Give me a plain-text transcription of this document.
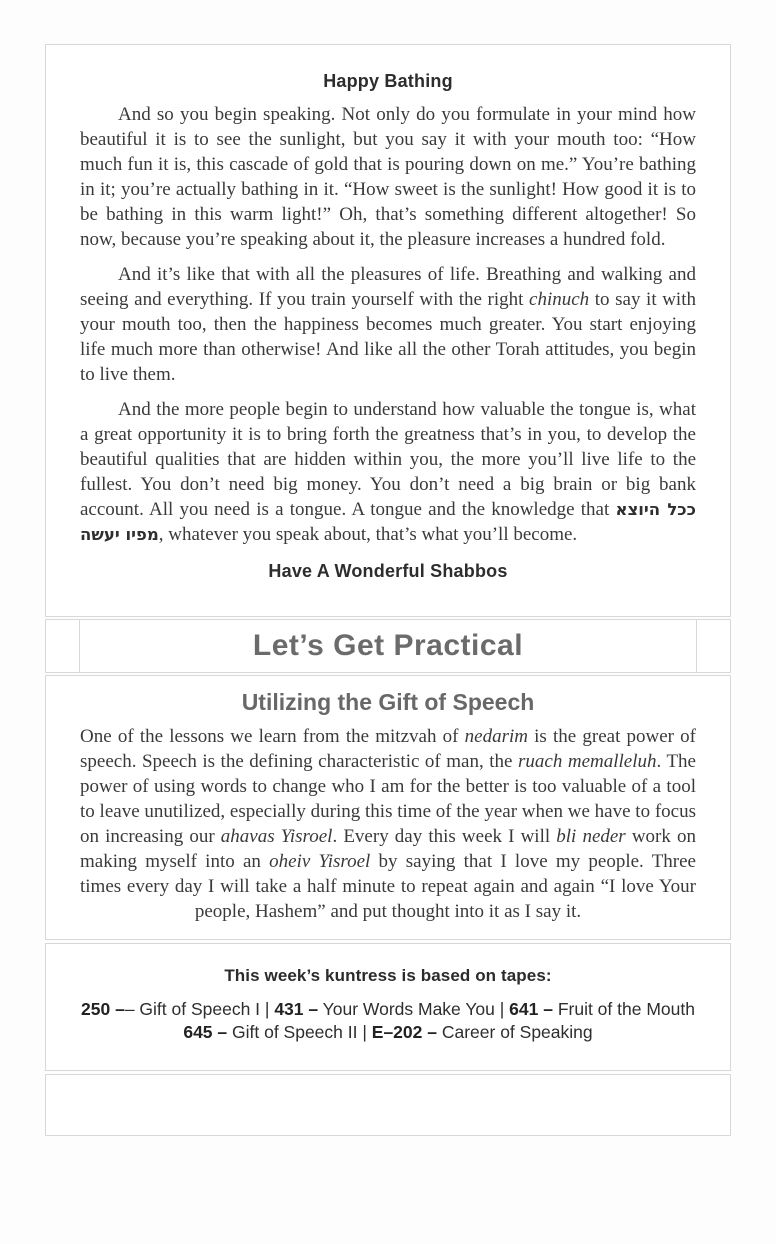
Happy Bathing

And so you begin speaking. Not only do you formulate in your mind how beautiful it is to see the sunlight, but you say it with your mouth too: “How much fun it is, this cascade of gold that is pouring down on me.” You’re bathing in it; you’re actually bathing in it. “How sweet is the sunlight! How good it is to be bathing in this warm light!” Oh, that’s something different altogether! So now, because you’re speaking about it, the pleasure increases a hundred fold.

And it’s like that with all the pleasures of life. Breathing and walking and seeing and everything. If you train yourself with the right chinuch to say it with your mouth too, then the happiness becomes much greater. You start enjoying life much more than otherwise! And like all the other Torah attitudes, you begin to live them.

And the more people begin to understand how valuable the tongue is, what a great opportunity it is to bring forth the greatness that’s in you, to develop the beautiful qualities that are hidden within you, the more you’ll live life to the fullest. You don’t need big money. You don’t need a big brain or big bank account. All you need is a tongue. A tongue and the knowledge that ככל היוצא מפיו יעשה, whatever you speak about, that’s what you’ll become.

Have A Wonderful Shabbos
Let’s Get Practical
Utilizing the Gift of Speech

One of the lessons we learn from the mitzvah of nedarim is the great power of speech. Speech is the defining characteristic of man, the ruach memalleluh. The power of using words to change who I am for the better is too valuable of a tool to leave unutilized, especially during this time of the year when we have to focus on increasing our ahavas Yisroel. Every day this week I will bli neder work on making myself into an oheiv Yisroel by saying that I love my people. Three times every day I will take a half minute to repeat again and again “I love Your people, Hashem” and put thought into it as I say it.

This week’s kuntress is based on tapes:
250 –– Gift of Speech I | 431 – Your Words Make You | 641 – Fruit of the Mouth
645 – Gift of Speech II | E–202 – Career of Speaking
